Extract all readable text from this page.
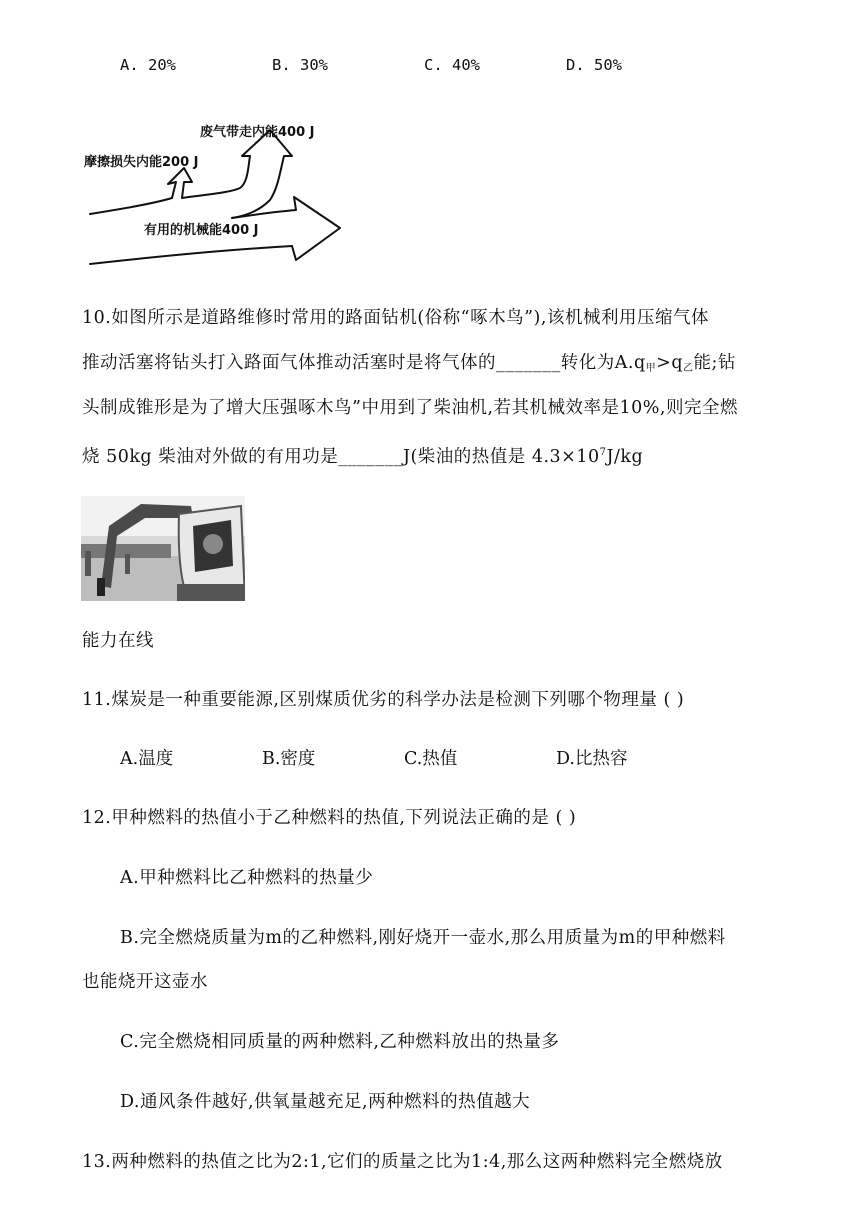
A. 20%	B. 30%	C. 40%	D. 50%
废气带走内能400 J
摩擦损失内能200 J
有用的机械能400 J
10.如图所示是道路维修时常用的路面钻机(俗称“啄木鸟”),该机械利用压缩气体
推动活塞将钻头打入路面气体推动活塞时是将气体的_______转化为$A.q_甲>q_乙$能;钻
头制成锥形是为了增大压强啄木鸟”中用到了柴油机,若其机械效率是10%,则完全燃
烧 50kg 柴油对外做的有用功是_______J(柴油的热值是 $4.3\times 10^7J/kg$
能力在线
11.煤炭是一种重要能源,区别煤质优劣的科学办法是检测下列哪个物理量 ( )
A.温度	B.密度	C.热值	D.比热容
12.甲种燃料的热值小于乙种燃料的热值,下列说法正确的是 ( )
A.甲种燃料比乙种燃料的热量少
B.完全燃烧质量为m的乙种燃料,刚好烧开一壶水,那么用质量为m的甲种燃料
也能烧开这壶水
C.完全燃烧相同质量的两种燃料,乙种燃料放出的热量多
D.通风条件越好,供氧量越充足,两种燃料的热值越大
13.两种燃料的热值之比为2:1,它们的质量之比为1:4,那么这两种燃料完全燃烧放
